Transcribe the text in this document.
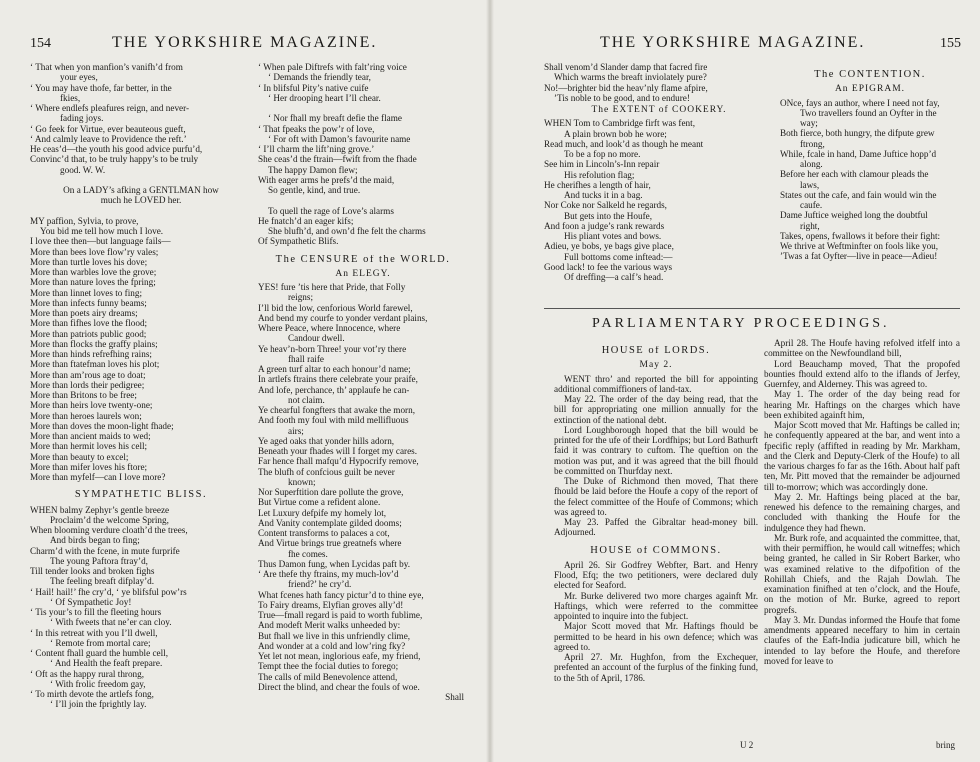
154	THE YORKSHIRE MAGAZINE.
‘ That when yon manfion’s vanifh’d from
your eyes,
‘ You may have thofe, far better, in the
fkies,
‘ Where endlefs pleafures reign, and never-
fading joys.
‘ Go feek for Virtue, ever beauteous gueft,
‘ And calmly leave to Providence the reft.’
He ceas’d—the youth his good advice purfu’d,
Convinc’d that, to be truly happy’s to be truly
good. W. W.

On a LADY’s afking a GENTLMAN how
much he LOVED her.

MY paffion, Sylvia, to prove,
You bid me tell how much I love.
I love thee then—but language fails—
More than bees love flow’ry vales;
More than turtle loves his dove;
More than warbles love the grove;
More than nature loves the fpring;
More than linnet loves to fing;
More than infects funny beams;
More than poets airy dreams;
More than fifhes love the flood;
More than patriots public good;
More than flocks the graffy plains;
More than hinds refrefhing rains;
More than ftatefman loves his plot;
More than am’rous age to doat;
More than lords their pedigree;
More than Britons to be free;
More than heirs love twenty-one;
More than heroes laurels won;
More than doves the moon-light fhade;
More than ancient maids to wed;
More than hermit loves his cell;
More than beauty to excel;
More than mifer loves his ftore;
More than myfelf—can I love more?
SYMPATHETIC BLISS.
WHEN balmy Zephyr’s gentle breeze
Proclaim’d the welcome Spring,
When blooming verdure cloath’d the trees,
And birds began to fing;
Charm’d with the fcene, in mute furprife
The young Paftora ftray’d,
Till tender looks and broken fighs
The feeling breaft difplay’d.
‘ Hail! hail!’ fhe cry’d, ‘ ye blifsful pow’rs
‘ Of Sympathetic Joy!
‘ Tis your’s to fill the fleeting hours
‘ With fweets that ne’er can cloy.
‘ In this retreat with you I’ll dwell,
‘ Remote from mortal care;
‘ Content fhall guard the humble cell,
‘ And Health the feaft prepare.
‘ Oft as the happy rural throng,
‘ With frolic freedom gay,
‘ To mirth devote the artlefs fong,
‘ I’ll join the fprightly lay.
‘ When pale Diftrefs with falt’ring voice
‘ Demands the friendly tear,
‘ In blifsful Pity’s native cuife
‘ Her drooping heart I’ll chear.

‘ Nor fhall my breaft defie the flame
‘ That fpeaks the pow’r of love,
‘ For oft with Damon’s favourite name
‘ I’ll charm the lift’ning grove.’
She ceas’d the ftrain—fwift from the fhade
The happy Damon flew;
With eager arms he prefs’d the maid,
So gentle, kind, and true.

To quell the rage of Love’s alarms
He fnatch’d an eager kifs;
She blufh’d, and own’d fhe felt the charms
Of Sympathetic Blifs.
The CENSURE of the WORLD.
An ELEGY.
YES! fure ’tis here that Pride, that Folly
reigns;
I’ll bid the low, cenforious World farewel,
And bend my courfe to yonder verdant plains,
Where Peace, where Innocence, where
Candour dwell.
Ye heav’n-born Three! your vot’ry there
fhall raife
A green turf altar to each honour’d name;
In artlefs ftrains there celebrate your praife,
And lofe, perchance, th’ applaufe he can-
not claim.
Ye chearful fongfters that awake the morn,
And footh my foul with mild mellifluous
airs;
Ye aged oaks that yonder hills adorn,
Beneath your fhades will I forget my cares.
Far hence fhall mafqu’d Hypocrify remove,
The blufh of confcious guilt be never
known;
Nor Superftition dare pollute the grove,
But Virtue come a refident alone.
Let Luxury defpife my homely lot,
And Vanity contemplate gilded dooms;
Content transforms to palaces a cot,
And Virtue brings true greatnefs where
fhe comes.
Thus Damon fung, when Lycidas paft by.
‘ Are thefe thy ftrains, my much-lov’d
friend?’ he cry’d.
What fcenes hath fancy pictur’d to thine eye,
To Fairy dreams, Elyfian groves ally’d!
True—fmall regard is paid to worth fublime,
And modeft Merit walks unheeded by:
But fhall we live in this unfriendly clime,
And wonder at a cold and low’ring fky?
Yet let not mean, inglorious eafe, my friend,
Tempt thee the focial duties to forego;
The calls of mild Benevolence attend,
Direct the blind, and chear the fouls of woe.
Shall
THE YORKSHIRE MAGAZINE.	155
Shall venom’d Slander damp that facred fire
Which warms the breaft inviolately pure?
No!—brighter bid the heav’nly flame afpire,
’Tis noble to be good, and to endure!
The EXTENT of COOKERY.
WHEN Tom to Cambridge firft was fent,
A plain brown bob he wore;
Read much, and look’d as though he meant
To be a fop no more.
See him in Lincoln’s-Inn repair
His refolution flag;
He cherifhes a length of hair,
And tucks it in a bag.
Nor Coke nor Salkeld he regards,
But gets into the Houfe,
And foon a judge’s rank rewards
His pliant votes and bows.
Adieu, ye bobs, ye bags give place,
Full bottoms come inftead:—
Good lack! to fee the various ways
Of dreffing—a calf’s head.
The CONTENTION.
An EPIGRAM.
ONce, fays an author, where I need not fay,
Two travellers found an Oyfter in the
way;
Both fierce, both hungry, the difpute grew
ftrong,
While, fcale in hand, Dame Juftice hopp’d
along.
Before her each with clamour pleads the
laws,
States out the cafe, and fain would win the
caufe.
Dame Juftice weighed long the doubtful
right,
Takes, opens, fwallows it before their fight:
We thrive at Weftminfter on fools like you,
’Twas a fat Oyfter—live in peace—Adieu!
PARLIAMENTARY PROCEEDINGS.
HOUSE of LORDS.
May 2.
WENT thro’ and reported the bill for appointing additional commiffioners of land-tax.
May 22. The order of the day being read, that the bill for appropriating one million annually for the extinction of the national debt.
Lord Loughborough hoped that the bill would be printed for the ufe of their Lordfhips; but Lord Bathurft faid it was contrary to cuftom. The queftion on the motion was put, and it was agreed that the bill fhould be committed on Thurfday next.
The Duke of Richmond then moved, That there fhould be laid before the Houfe a copy of the report of the felect committee of the Houfe of Commons; which was agreed to.
May 23. Paffed the Gibraltar head-money bill. Adjourned.
HOUSE of COMMONS.
April 26. Sir Godfrey Webfter, Bart. and Henry Flood, Efq; the two petitioners, were declared duly elected for Seaford.
Mr. Burke delivered two more charges againft Mr. Haftings, which were referred to the committee appointed to inquire into the fubject.
Major Scott moved that Mr. Haftings fhould be permitted to be heard in his own defence; which was agreed to.
April 27. Mr. Hughfon, from the Exchequer, prefented an account of the furplus of the finking fund, to the 5th of April, 1786.
April 28. The Houfe having refolved itfelf into a committee on the Newfoundland bill,
Lord Beauchamp moved, That the propofed bounties fhould extend alfo to the iflands of Jerfey, Guernfey, and Alderney. This was agreed to.
May 1. The order of the day being read for hearing Mr. Haftings on the charges which have been exhibited againft him,
Major Scott moved that Mr. Haftings be called in; he confequently appeared at the bar, and went into a fpecific reply (affifted in reading by Mr. Markham, and the Clerk and Deputy-Clerk of the Houfe) to all the various charges fo far as the 16th. About half paft ten, Mr. Pitt moved that the remainder be adjourned till to-morrow; which was accordingly done.
May 2. Mr. Haftings being placed at the bar, renewed his defence to the remaining charges, and concluded with thanking the Houfe for the indulgence they had fhewn.
Mr. Burk rofe, and acquainted the committee, that, with their permiffion, he would call witneffes; which being granted, he called in Sir Robert Barker, who was examined relative to the difpofition of the Rohillah Chiefs, and the Rajah Dowlah. The examination finifhed at ten o’clock, and the Houfe, on the motion of Mr. Burke, agreed to report progrefs.
May 3. Mr. Dundas informed the Houfe that fome amendments appeared neceffary to him in certain claufes of the Eaft-India judicature bill, which he intended to lay before the Houfe, and therefore moved for leave to
U 2	bring
